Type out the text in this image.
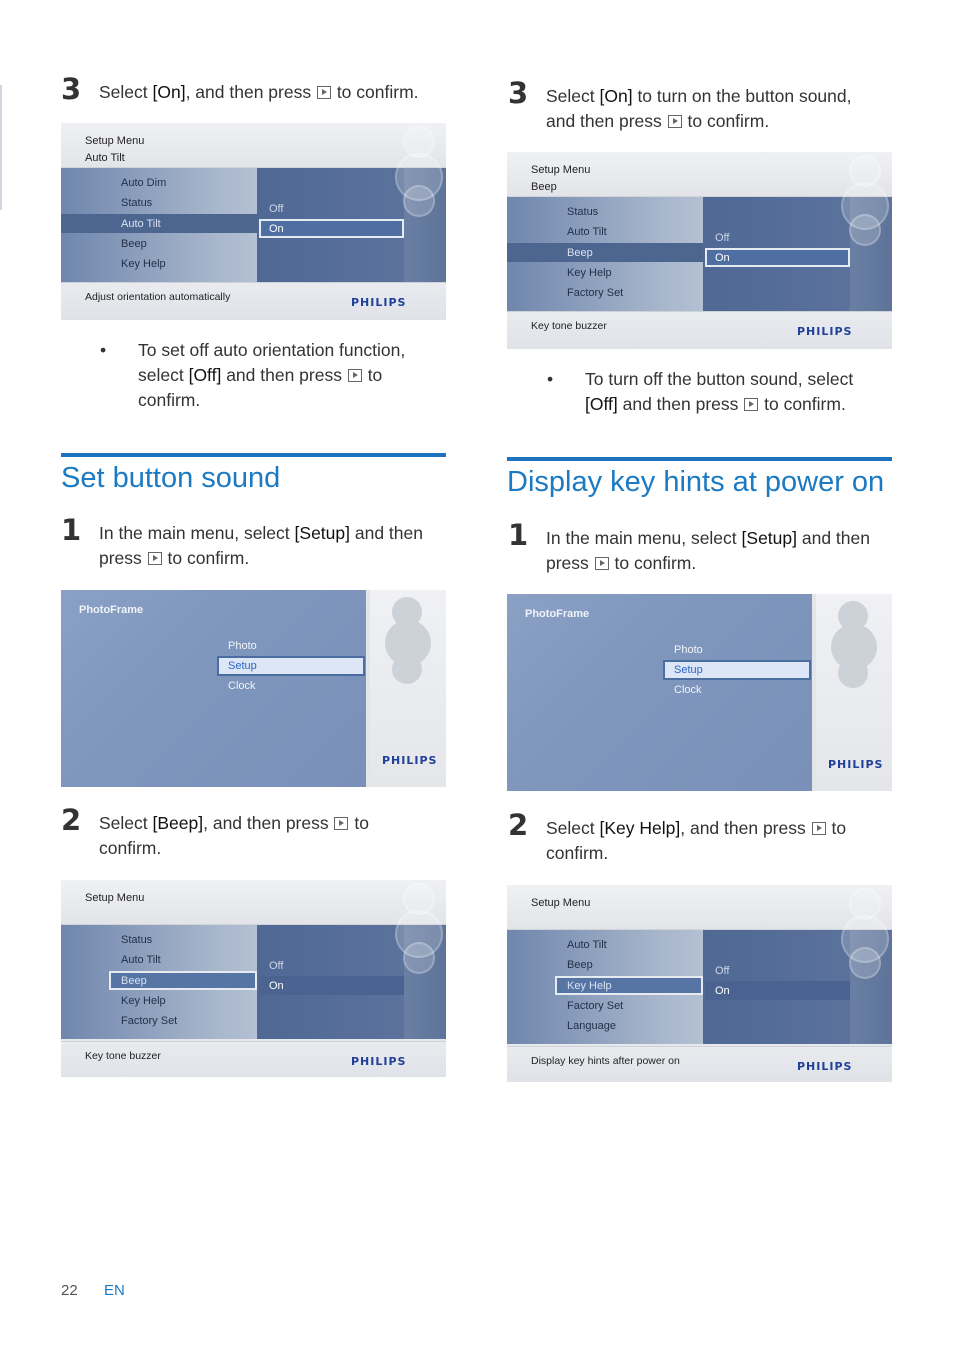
3 Select [On], and then press  to confirm.
Setup Menu
Auto Tilt
Auto Dim
Status
Auto Tilt
Beep
Key Help
Off
On
Adjust orientation automatically	PHILIPS
• To set off auto orientation function,
select [Off] and then press  to
confirm.
Set button sound
1 In the main menu, select [Setup] and then
press  to confirm.
PHILIPS
PhotoFrame
Photo
Setup
Clock
2 Select [Beep], and then press  to
confirm.
Setup Menu
Status
Auto Tilt
Beep
Key Help
Factory Set
Off
On
Key tone buzzer	PHILIPS
3 Select [On] to turn on the button sound,
and then press  to confirm.
Setup Menu
Beep
Status
Auto Tilt
Beep
Key Help
Factory Set
Off
On
Key tone buzzer	PHILIPS
• To turn off the button sound, select
[Off] and then press  to confirm.
Display key hints at power on
1 In the main menu, select [Setup] and then
press  to confirm.
PHILIPS
PhotoFrame
Photo
Setup
Clock
2 Select [Key Help], and then press  to
confirm.
Setup Menu
Auto Tilt
Beep
Key Help
Factory Set
Language
Off
On
Display key hints after power on	PHILIPS
22 EN
